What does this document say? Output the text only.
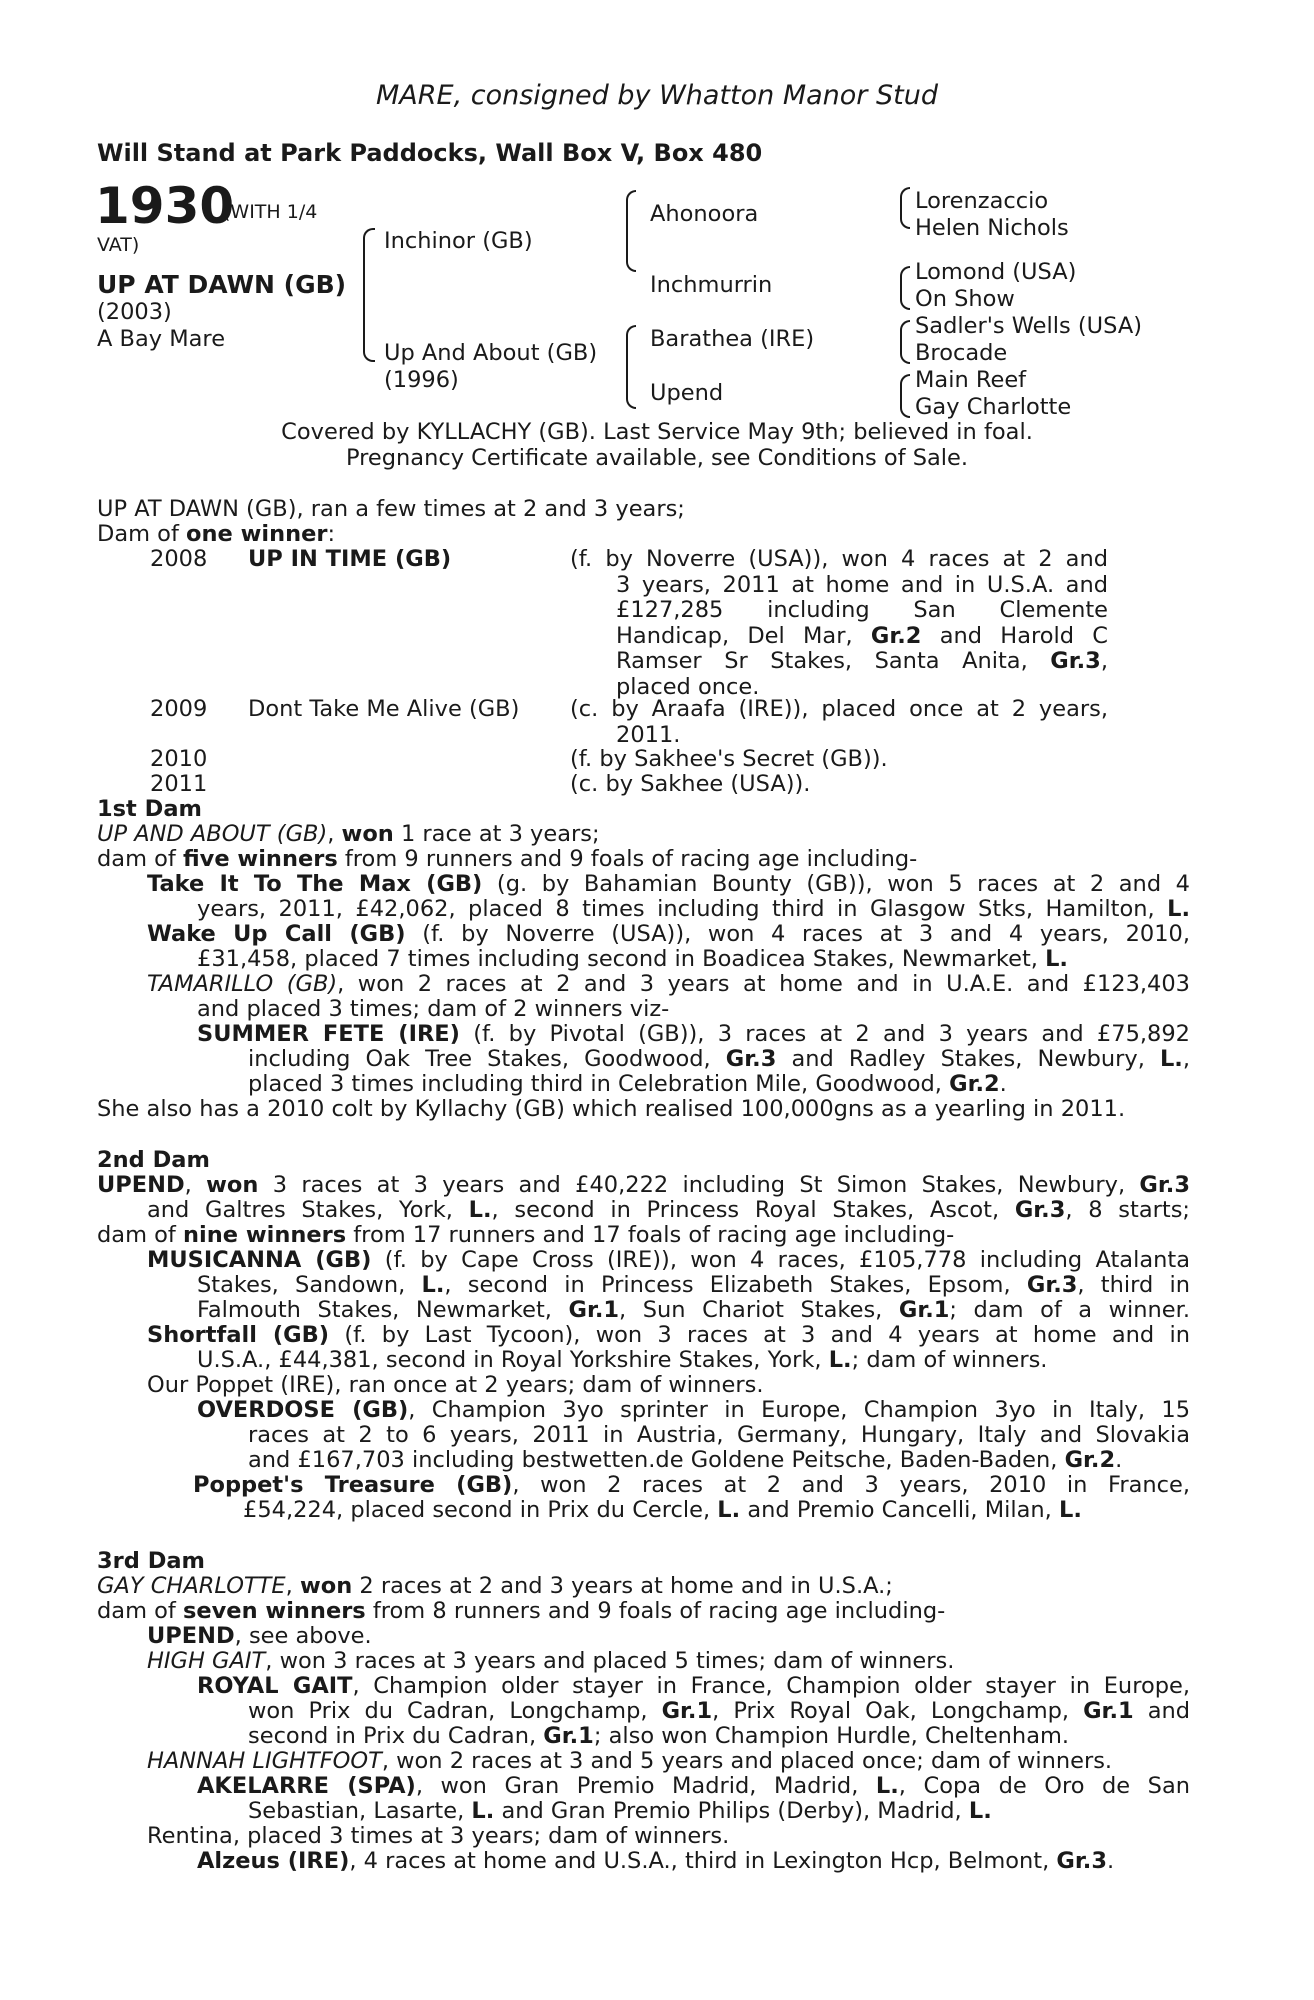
MARE, consigned by Whatton Manor Stud
Will Stand at Park Paddocks, Wall Box V, Box 480
1930
(WITH 1/4
VAT)
UP AT DAWN (GB)
(2003)
A Bay Mare
Inchinor (GB)
Up And About (GB)
(1996)
Ahonoora
Inchmurrin
Barathea (IRE)
Upend
Lorenzaccio
Helen Nichols
Lomond (USA)
On Show
Sadler's Wells (USA)
Brocade
Main Reef
Gay Charlotte
Covered by KYLLACHY (GB). Last Service May 9th; believed in foal.
Pregnancy Certificate available, see Conditions of Sale.
UP AT DAWN (GB), ran a few times at 2 and 3 years;
Dam of one winner:
2008 UP IN TIME (GB)	(f. by Noverre (USA)), won 4 races at 2 and
3 years, 2011 at home and in U.S.A. and
£127,285 including San Clemente
Handicap, Del Mar, Gr.2 and Harold C
Ramser Sr Stakes, Santa Anita, Gr.3,
placed once.
2009 Dont Take Me Alive (GB) (c. by Araafa (IRE)), placed once at 2 years,
2011.
2010	(f. by Sakhee's Secret (GB)).
2011	(c. by Sakhee (USA)).
1st Dam
UP AND ABOUT (GB), won 1 race at 3 years;
dam of five winners from 9 runners and 9 foals of racing age including-
Take It To The Max (GB) (g. by Bahamian Bounty (GB)), won 5 races at 2 and 4
years, 2011, £42,062, placed 8 times including third in Glasgow Stks, Hamilton, L.
Wake Up Call (GB) (f. by Noverre (USA)), won 4 races at 3 and 4 years, 2010,
£31,458, placed 7 times including second in Boadicea Stakes, Newmarket, L.
TAMARILLO (GB), won 2 races at 2 and 3 years at home and in U.A.E. and £123,403
and placed 3 times; dam of 2 winners viz-
SUMMER FETE (IRE) (f. by Pivotal (GB)), 3 races at 2 and 3 years and £75,892
including Oak Tree Stakes, Goodwood, Gr.3 and Radley Stakes, Newbury, L.,
placed 3 times including third in Celebration Mile, Goodwood, Gr.2.
She also has a 2010 colt by Kyllachy (GB) which realised 100,000gns as a yearling in 2011.
2nd Dam
UPEND, won 3 races at 3 years and £40,222 including St Simon Stakes, Newbury, Gr.3
and Galtres Stakes, York, L., second in Princess Royal Stakes, Ascot, Gr.3, 8 starts;
dam of nine winners from 17 runners and 17 foals of racing age including-
MUSICANNA (GB) (f. by Cape Cross (IRE)), won 4 races, £105,778 including Atalanta
Stakes, Sandown, L., second in Princess Elizabeth Stakes, Epsom, Gr.3, third in
Falmouth Stakes, Newmarket, Gr.1, Sun Chariot Stakes, Gr.1; dam of a winner.
Shortfall (GB) (f. by Last Tycoon), won 3 races at 3 and 4 years at home and in
U.S.A., £44,381, second in Royal Yorkshire Stakes, York, L.; dam of winners.
Our Poppet (IRE), ran once at 2 years; dam of winners.
OVERDOSE (GB), Champion 3yo sprinter in Europe, Champion 3yo in Italy, 15
races at 2 to 6 years, 2011 in Austria, Germany, Hungary, Italy and Slovakia
and £167,703 including bestwetten.de Goldene Peitsche, Baden-Baden, Gr.2.
Poppet's Treasure (GB), won 2 races at 2 and 3 years, 2010 in France,
£54,224, placed second in Prix du Cercle, L. and Premio Cancelli, Milan, L.
3rd Dam
GAY CHARLOTTE, won 2 races at 2 and 3 years at home and in U.S.A.;
dam of seven winners from 8 runners and 9 foals of racing age including-
UPEND, see above.
HIGH GAIT, won 3 races at 3 years and placed 5 times; dam of winners.
ROYAL GAIT, Champion older stayer in France, Champion older stayer in Europe,
won Prix du Cadran, Longchamp, Gr.1, Prix Royal Oak, Longchamp, Gr.1 and
second in Prix du Cadran, Gr.1; also won Champion Hurdle, Cheltenham.
HANNAH LIGHTFOOT, won 2 races at 3 and 5 years and placed once; dam of winners.
AKELARRE (SPA), won Gran Premio Madrid, Madrid, L., Copa de Oro de San
Sebastian, Lasarte, L. and Gran Premio Philips (Derby), Madrid, L.
Rentina, placed 3 times at 3 years; dam of winners.
Alzeus (IRE), 4 races at home and U.S.A., third in Lexington Hcp, Belmont, Gr.3.
